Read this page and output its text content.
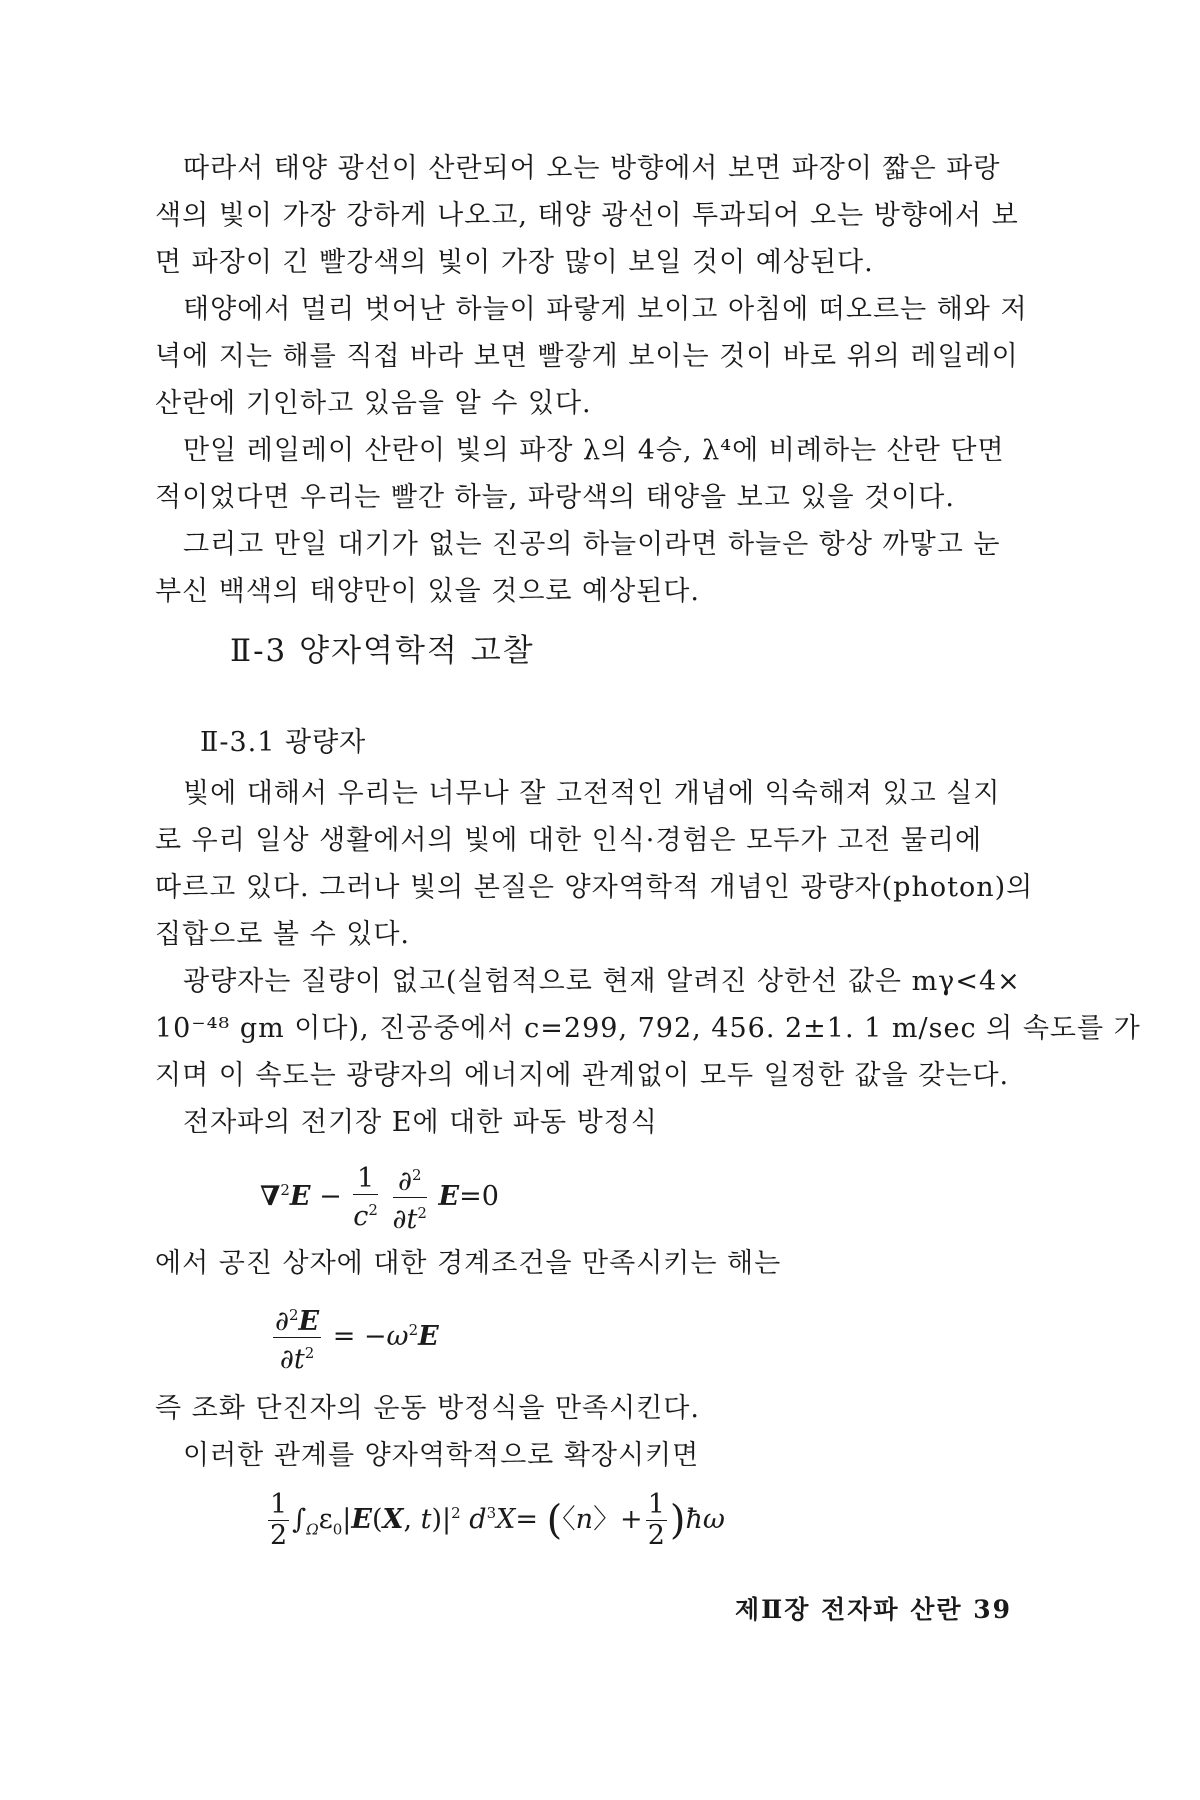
따라서 태양 광선이 산란되어 오는 방향에서 보면 파장이 짧은 파랑
색의 빛이 가장 강하게 나오고, 태양 광선이 투과되어 오는 방향에서 보
면 파장이 긴 빨강색의 빛이 가장 많이 보일 것이 예상된다.
태양에서 멀리 벗어난 하늘이 파랗게 보이고 아침에 떠오르는 해와 저
녁에 지는 해를 직접 바라 보면 빨갛게 보이는 것이 바로 위의 레일레이
산란에 기인하고 있음을 알 수 있다.
만일 레일레이 산란이 빛의 파장 λ의 4승, λ⁴에 비례하는 산란 단면
적이었다면 우리는 빨간 하늘, 파랑색의 태양을 보고 있을 것이다.
그리고 만일 대기가 없는 진공의 하늘이라면 하늘은 항상 까맣고 눈
부신 백색의 태양만이 있을 것으로 예상된다.
Ⅱ-3 양자역학적 고찰
Ⅱ-3.1 광량자
빛에 대해서 우리는 너무나 잘 고전적인 개념에 익숙해져 있고 실지
로 우리 일상 생활에서의 빛에 대한 인식·경험은 모두가 고전 물리에
따르고 있다. 그러나 빛의 본질은 양자역학적 개념인 광량자(photon)의
집합으로 볼 수 있다.
광량자는 질량이 없고(실험적으로 현재 알려진 상한선 값은 mγ<4×
10⁻⁴⁸ gm 이다), 진공중에서 c=299, 792, 456. 2±1. 1 m/sec 의 속도를 가
지며 이 속도는 광량자의 에너지에 관계없이 모두 일정한 값을 갖는다.
전자파의 전기장 E에 대한 파동 방정식
$\nabla^2E - \frac{1}{c^2}$
$\frac{\partial^2}{\partial t^2} E=0$
에서 공진 상자에 대한 경계조건을 만족시키는 해는
$\frac{\partial^2E}{\partial t^2} = -\omega^2E$
즉 조화 단진자의 운동 방정식을 만족시킨다.
이러한 관계를 양자역학적으로 확장시키면
$\frac{1}{2} \int_\Omega\varepsilon_0|E(X$, $t)|^2$ $d^3X=$ (〈n〉+ $\frac{1}{2}$ )ħω
제Ⅱ장 전자파 산란 39
